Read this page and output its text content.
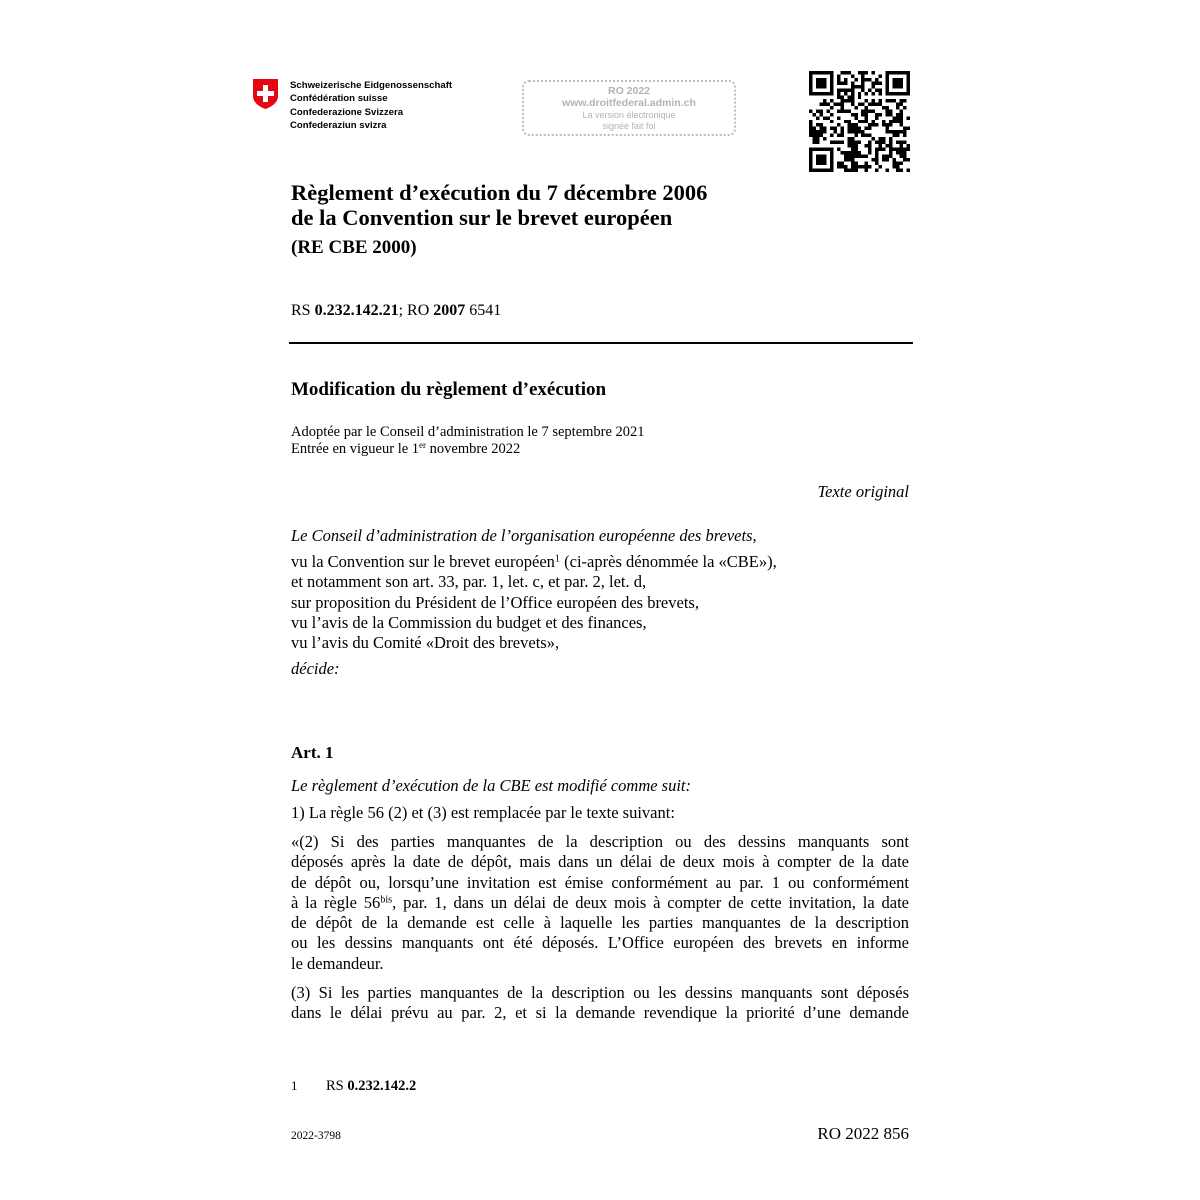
Schweizerische Eidgenossenschaft
Confédération suisse
Confederazione Svizzera
Confederaziun svizra
RO 2022
www.droitfederal.admin.ch
La version électronique
signée fait foi
Règlement d’exécution du 7 décembre 2006
de la Convention sur le brevet européen
(RE CBE 2000)
RS 0.232.142.21; RO 2007 6541
Modification du règlement d’exécution
Adoptée par le Conseil d’administration le 7 septembre 2021
Entrée en vigueur le 1er novembre 2022
Texte original
Le Conseil d’administration de l’organisation européenne des brevets,
vu la Convention sur le brevet européen$^1$ (ci-après dénommée la «CBE»),
et notamment son art. 33, par. 1, let. c, et par. 2, let. d,
sur proposition du Président de l’Office européen des brevets,
vu l’avis de la Commission du budget et des finances,
vu l’avis du Comité «Droit des brevets»,
décide:
Art. 1
Le règlement d’exécution de la CBE est modifié comme suit:
1) La règle 56 (2) et (3) est remplacée par le texte suivant:
«(2) Si des parties manquantes de la description ou des dessins manquants sont
déposés après la date de dépôt, mais dans un délai de deux mois à compter de la date
de dépôt ou, lorsqu’une invitation est émise conformément au par. 1 ou conformément
à la règle $56^{bis}$, par. 1, dans un délai de deux mois à compter de cette invitation, la date
de dépôt de la demande est celle à laquelle les parties manquantes de la description
ou les dessins manquants ont été déposés. L’Office européen des brevets en informe
le demandeur.
(3) Si les parties manquantes de la description ou les dessins manquants sont déposés
dans le délai prévu au par. 2, et si la demande revendique la priorité d’une demande
1 RS 0.232.142.2
2022-3798	RO 2022 856
